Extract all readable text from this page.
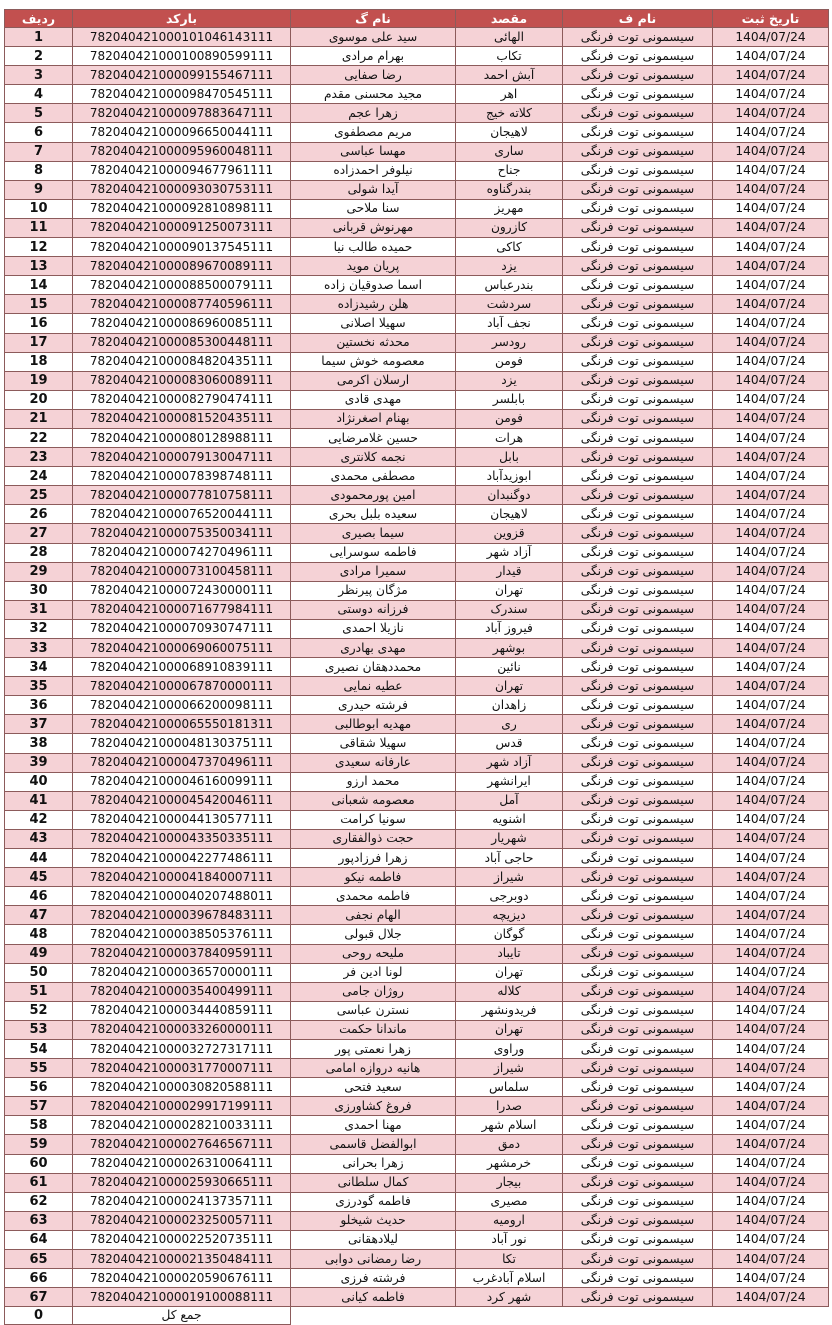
ردیف	بارکد	نام گ	مقصد	نام ف	تاریخ ثبت
1	782040421000101046143111	سید علی موسوی	الهائی	سیسمونی توت فرنگی	1404/07/24
2	782040421000100890599111	بهرام مرادی	تکاب	سیسمونی توت فرنگی	1404/07/24
3	782040421000099155467111	رضا صفایی	آبش احمد	سیسمونی توت فرنگی	1404/07/24
4	782040421000098470545111	مجید محسنی مقدم	اهر	سیسمونی توت فرنگی	1404/07/24
5	782040421000097883647111	زهرا عجم	کلاته خیج	سیسمونی توت فرنگی	1404/07/24
6	782040421000096650044111	مریم مصطفوی	لاهیجان	سیسمونی توت فرنگی	1404/07/24
7	782040421000095960048111	مهسا عباسی	ساری	سیسمونی توت فرنگی	1404/07/24
8	782040421000094677961111	نیلوفر احمدزاده	جناح	سیسمونی توت فرنگی	1404/07/24
9	782040421000093030753111	آیدا شولی	بندرگناوه	سیسمونی توت فرنگی	1404/07/24
10	782040421000092810898111	سنا ملاحی	مهریز	سیسمونی توت فرنگی	1404/07/24
11	782040421000091250073111	مهرنوش قربانی	کازرون	سیسمونی توت فرنگی	1404/07/24
12	782040421000090137545111	حمیده طالب نیا	کاکی	سیسمونی توت فرنگی	1404/07/24
13	782040421000089670089111	پریان موید	یزد	سیسمونی توت فرنگی	1404/07/24
14	782040421000088500079111	اسما صدوقیان زاده	بندرعباس	سیسمونی توت فرنگی	1404/07/24
15	782040421000087740596111	هلن رشیدزاده	سردشت	سیسمونی توت فرنگی	1404/07/24
16	782040421000086960085111	سهیلا اصلانی	نجف آباد	سیسمونی توت فرنگی	1404/07/24
17	782040421000085300448111	محدثه نخستین	رودسر	سیسمونی توت فرنگی	1404/07/24
18	782040421000084820435111	معصومه خوش سیما	فومن	سیسمونی توت فرنگی	1404/07/24
19	782040421000083060089111	ارسلان اکرمی	یزد	سیسمونی توت فرنگی	1404/07/24
20	782040421000082790474111	مهدی قادی	بابلسر	سیسمونی توت فرنگی	1404/07/24
21	782040421000081520435111	بهنام اصغرنژاد	فومن	سیسمونی توت فرنگی	1404/07/24
22	782040421000080128988111	حسین غلامرضایی	هرات	سیسمونی توت فرنگی	1404/07/24
23	782040421000079130047111	نجمه کلانتری	بابل	سیسمونی توت فرنگی	1404/07/24
24	782040421000078398748111	مصطفی محمدی	ابوزیدآباد	سیسمونی توت فرنگی	1404/07/24
25	782040421000077810758111	امین پورمحمودی	دوگنبدان	سیسمونی توت فرنگی	1404/07/24
26	782040421000076520044111	سعیده بلبل بحری	لاهیجان	سیسمونی توت فرنگی	1404/07/24
27	782040421000075350034111	سیما بصیری	قزوین	سیسمونی توت فرنگی	1404/07/24
28	782040421000074270496111	فاطمه سوسرایی	آزاد شهر	سیسمونی توت فرنگی	1404/07/24
29	782040421000073100458111	سمیرا مرادی	قیدار	سیسمونی توت فرنگی	1404/07/24
30	782040421000072430000111	مژگان پیرنظر	تهران	سیسمونی توت فرنگی	1404/07/24
31	782040421000071677984111	فرزانه دوستی	سندرک	سیسمونی توت فرنگی	1404/07/24
32	782040421000070930747111	نازیلا احمدی	فیروز آباد	سیسمونی توت فرنگی	1404/07/24
33	782040421000069060075111	مهدی بهادری	بوشهر	سیسمونی توت فرنگی	1404/07/24
34	782040421000068910839111	محمددهقان نصیری	نائین	سیسمونی توت فرنگی	1404/07/24
35	782040421000067870000111	عطیه نمایی	تهران	سیسمونی توت فرنگی	1404/07/24
36	782040421000066200098111	فرشته حیدری	زاهدان	سیسمونی توت فرنگی	1404/07/24
37	782040421000065550181311	مهدیه ابوطالبی	ری	سیسمونی توت فرنگی	1404/07/24
38	782040421000048130375111	سهیلا شقاقی	قدس	سیسمونی توت فرنگی	1404/07/24
39	782040421000047370496111	عارفانه سعیدی	آزاد شهر	سیسمونی توت فرنگی	1404/07/24
40	782040421000046160099111	محمد ارزو	ایرانشهر	سیسمونی توت فرنگی	1404/07/24
41	782040421000045420046111	معصومه شعبانی	آمل	سیسمونی توت فرنگی	1404/07/24
42	782040421000044130577111	سونیا کرامت	اشنویه	سیسمونی توت فرنگی	1404/07/24
43	782040421000043350335111	حجت ذوالفقاری	شهریار	سیسمونی توت فرنگی	1404/07/24
44	782040421000042277486111	زهرا فرزادپور	حاجی آباد	سیسمونی توت فرنگی	1404/07/24
45	782040421000041840007111	فاطمه نیکو	شیراز	سیسمونی توت فرنگی	1404/07/24
46	782040421000040207488011	فاطمه محمدی	دوبرجی	سیسمونی توت فرنگی	1404/07/24
47	782040421000039678483111	الهام نجفی	دیزیچه	سیسمونی توت فرنگی	1404/07/24
48	782040421000038505376111	جلال قبولی	گوگان	سیسمونی توت فرنگی	1404/07/24
49	782040421000037840959111	ملیحه روحی	تایباد	سیسمونی توت فرنگی	1404/07/24
50	782040421000036570000111	لونا ادین فر	تهران	سیسمونی توت فرنگی	1404/07/24
51	782040421000035400499111	روژان جامی	کلاله	سیسمونی توت فرنگی	1404/07/24
52	782040421000034440859111	نسترن عباسی	فریدونشهر	سیسمونی توت فرنگی	1404/07/24
53	782040421000033260000111	ماندانا حکمت	تهران	سیسمونی توت فرنگی	1404/07/24
54	782040421000032727317111	زهرا نعمتی پور	وراوی	سیسمونی توت فرنگی	1404/07/24
55	782040421000031770007111	هانیه دروازه امامی	شیراز	سیسمونی توت فرنگی	1404/07/24
56	782040421000030820588111	سعید فتحی	سلماس	سیسمونی توت فرنگی	1404/07/24
57	782040421000029917199111	فروغ کشاورزی	صدرا	سیسمونی توت فرنگی	1404/07/24
58	782040421000028210033111	مهنا احمدی	اسلام شهر	سیسمونی توت فرنگی	1404/07/24
59	782040421000027646567111	ابوالفضل قاسمی	دمق	سیسمونی توت فرنگی	1404/07/24
60	782040421000026310064111	زهرا بحرانی	خرمشهر	سیسمونی توت فرنگی	1404/07/24
61	782040421000025930665111	کمال سلطانی	بیجار	سیسمونی توت فرنگی	1404/07/24
62	782040421000024137357111	فاطمه گودرزی	مصیری	سیسمونی توت فرنگی	1404/07/24
63	782040421000023250057111	حدیث شیخلو	ارومیه	سیسمونی توت فرنگی	1404/07/24
64	782040421000022520735111	لیلادهقانی	نور آباد	سیسمونی توت فرنگی	1404/07/24
65	782040421000021350484111	رضا رمضانی دوابی	تکا	سیسمونی توت فرنگی	1404/07/24
66	782040421000020590676111	فرشته فرزی	اسلام آبادغرب	سیسمونی توت فرنگی	1404/07/24
67	782040421000019100088111	فاطمه کیانی	شهر کرد	سیسمونی توت فرنگی	1404/07/24
0	جمع کل				
